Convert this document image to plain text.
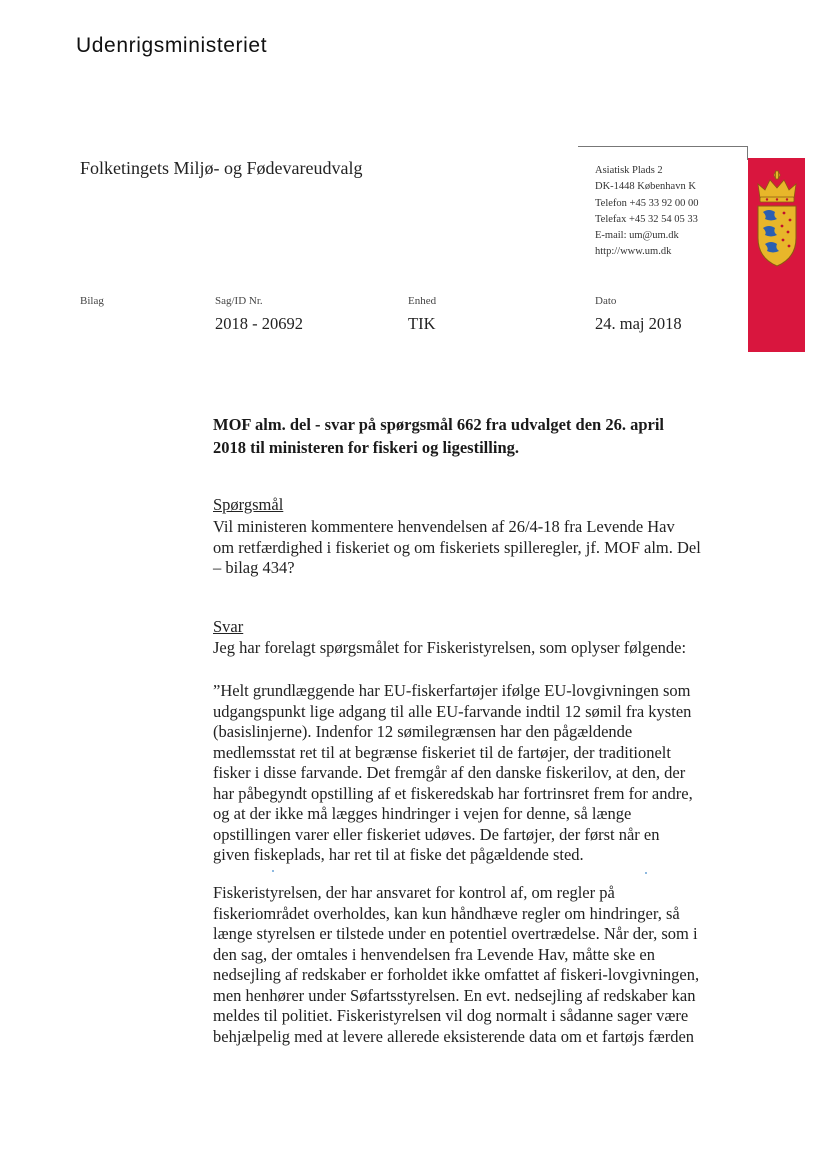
Udenrigsministeriet
Folketingets Miljø- og Fødevareudvalg	Asiatisk Plads 2
DK-1448 København K
Telefon +45 33 92 00 00
Telefax +45 32 54 05 33
E-mail: um@um.dk
http://www.um.dk
Bilag	Sag/ID Nr.
2018 - 20692
Enhed
TIK
Dato
24. maj 2018
MOF alm. del - svar på spørgsmål 662 fra udvalget den 26. april
2018 til ministeren for fiskeri og ligestilling.
Spørgsmål
Vil ministeren kommentere henvendelsen af 26/4-18 fra Levende Hav
om retfærdighed i fiskeriet og om fiskeriets spilleregler, jf. MOF alm. Del
– bilag 434?
Svar
Jeg har forelagt spørgsmålet for Fiskeristyrelsen, som oplyser følgende:
”Helt grundlæggende har EU-fiskerfartøjer ifølge EU-lovgivningen som
udgangspunkt lige adgang til alle EU-farvande indtil 12 sømil fra kysten
(basislinjerne). Indenfor 12 sømilegrænsen har den pågældende
medlemsstat ret til at begrænse fiskeriet til de fartøjer, der traditionelt
fisker i disse farvande. Det fremgår af den danske fiskerilov, at den, der
har påbegyndt opstilling af et fiskeredskab har fortrinsret frem for andre,
og at der ikke må lægges hindringer i vejen for denne, så længe
opstillingen varer eller fiskeriet udøves. De fartøjer, der først når en
given fiskeplads, har ret til at fiske det pågældende sted.
Fiskeristyrelsen, der har ansvaret for kontrol af, om regler på
fiskeriområdet overholdes, kan kun håndhæve regler om hindringer, så
længe styrelsen er tilstede under en potentiel overtrædelse. Når der, som i
den sag, der omtales i henvendelsen fra Levende Hav, måtte ske en
nedsejling af redskaber er forholdet ikke omfattet af fiskeri-lovgivningen,
men henhører under Søfartsstyrelsen. En evt. nedsejling af redskaber kan
meldes til politiet. Fiskeristyrelsen vil dog normalt i sådanne sager være
behjælpelig med at levere allerede eksisterende data om et fartøjs færden
